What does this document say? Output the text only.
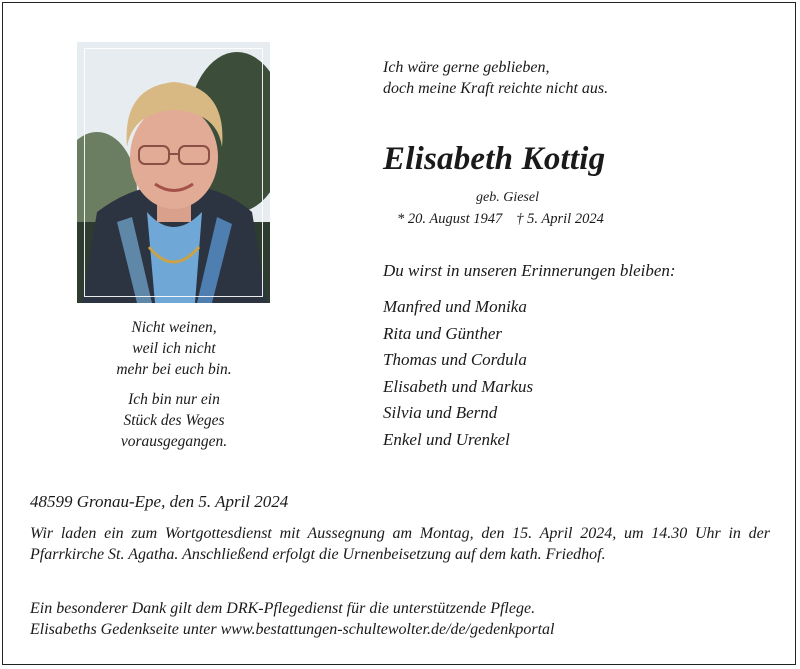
Nicht weinen,
weil ich nicht
mehr bei euch bin.
Ich bin nur ein
Stück des Weges
vorausgegangen.
Ich wäre gerne geblieben,
doch meine Kraft reichte nicht aus.
Elisabeth Kottig
geb. Giesel
* 20. August 1947 † 5. April 2024
Du wirst in unseren Erinnerungen bleiben:
Manfred und Monika
Rita und Günther
Thomas und Cordula
Elisabeth und Markus
Silvia und Bernd
Enkel und Urenkel
48599 Gronau-Epe, den 5. April 2024
Wir laden ein zum Wortgottesdienst mit Aussegnung am Montag, den 15. April 2024, um 14.30 Uhr in der Pfarrkirche St. Agatha. Anschließend erfolgt die Urnenbeisetzung auf dem kath. Friedhof.
Ein besonderer Dank gilt dem DRK-Pflegedienst für die unterstützende Pflege.
Elisabeths Gedenkseite unter www.bestattungen-schultewolter.de/de/gedenkportal
